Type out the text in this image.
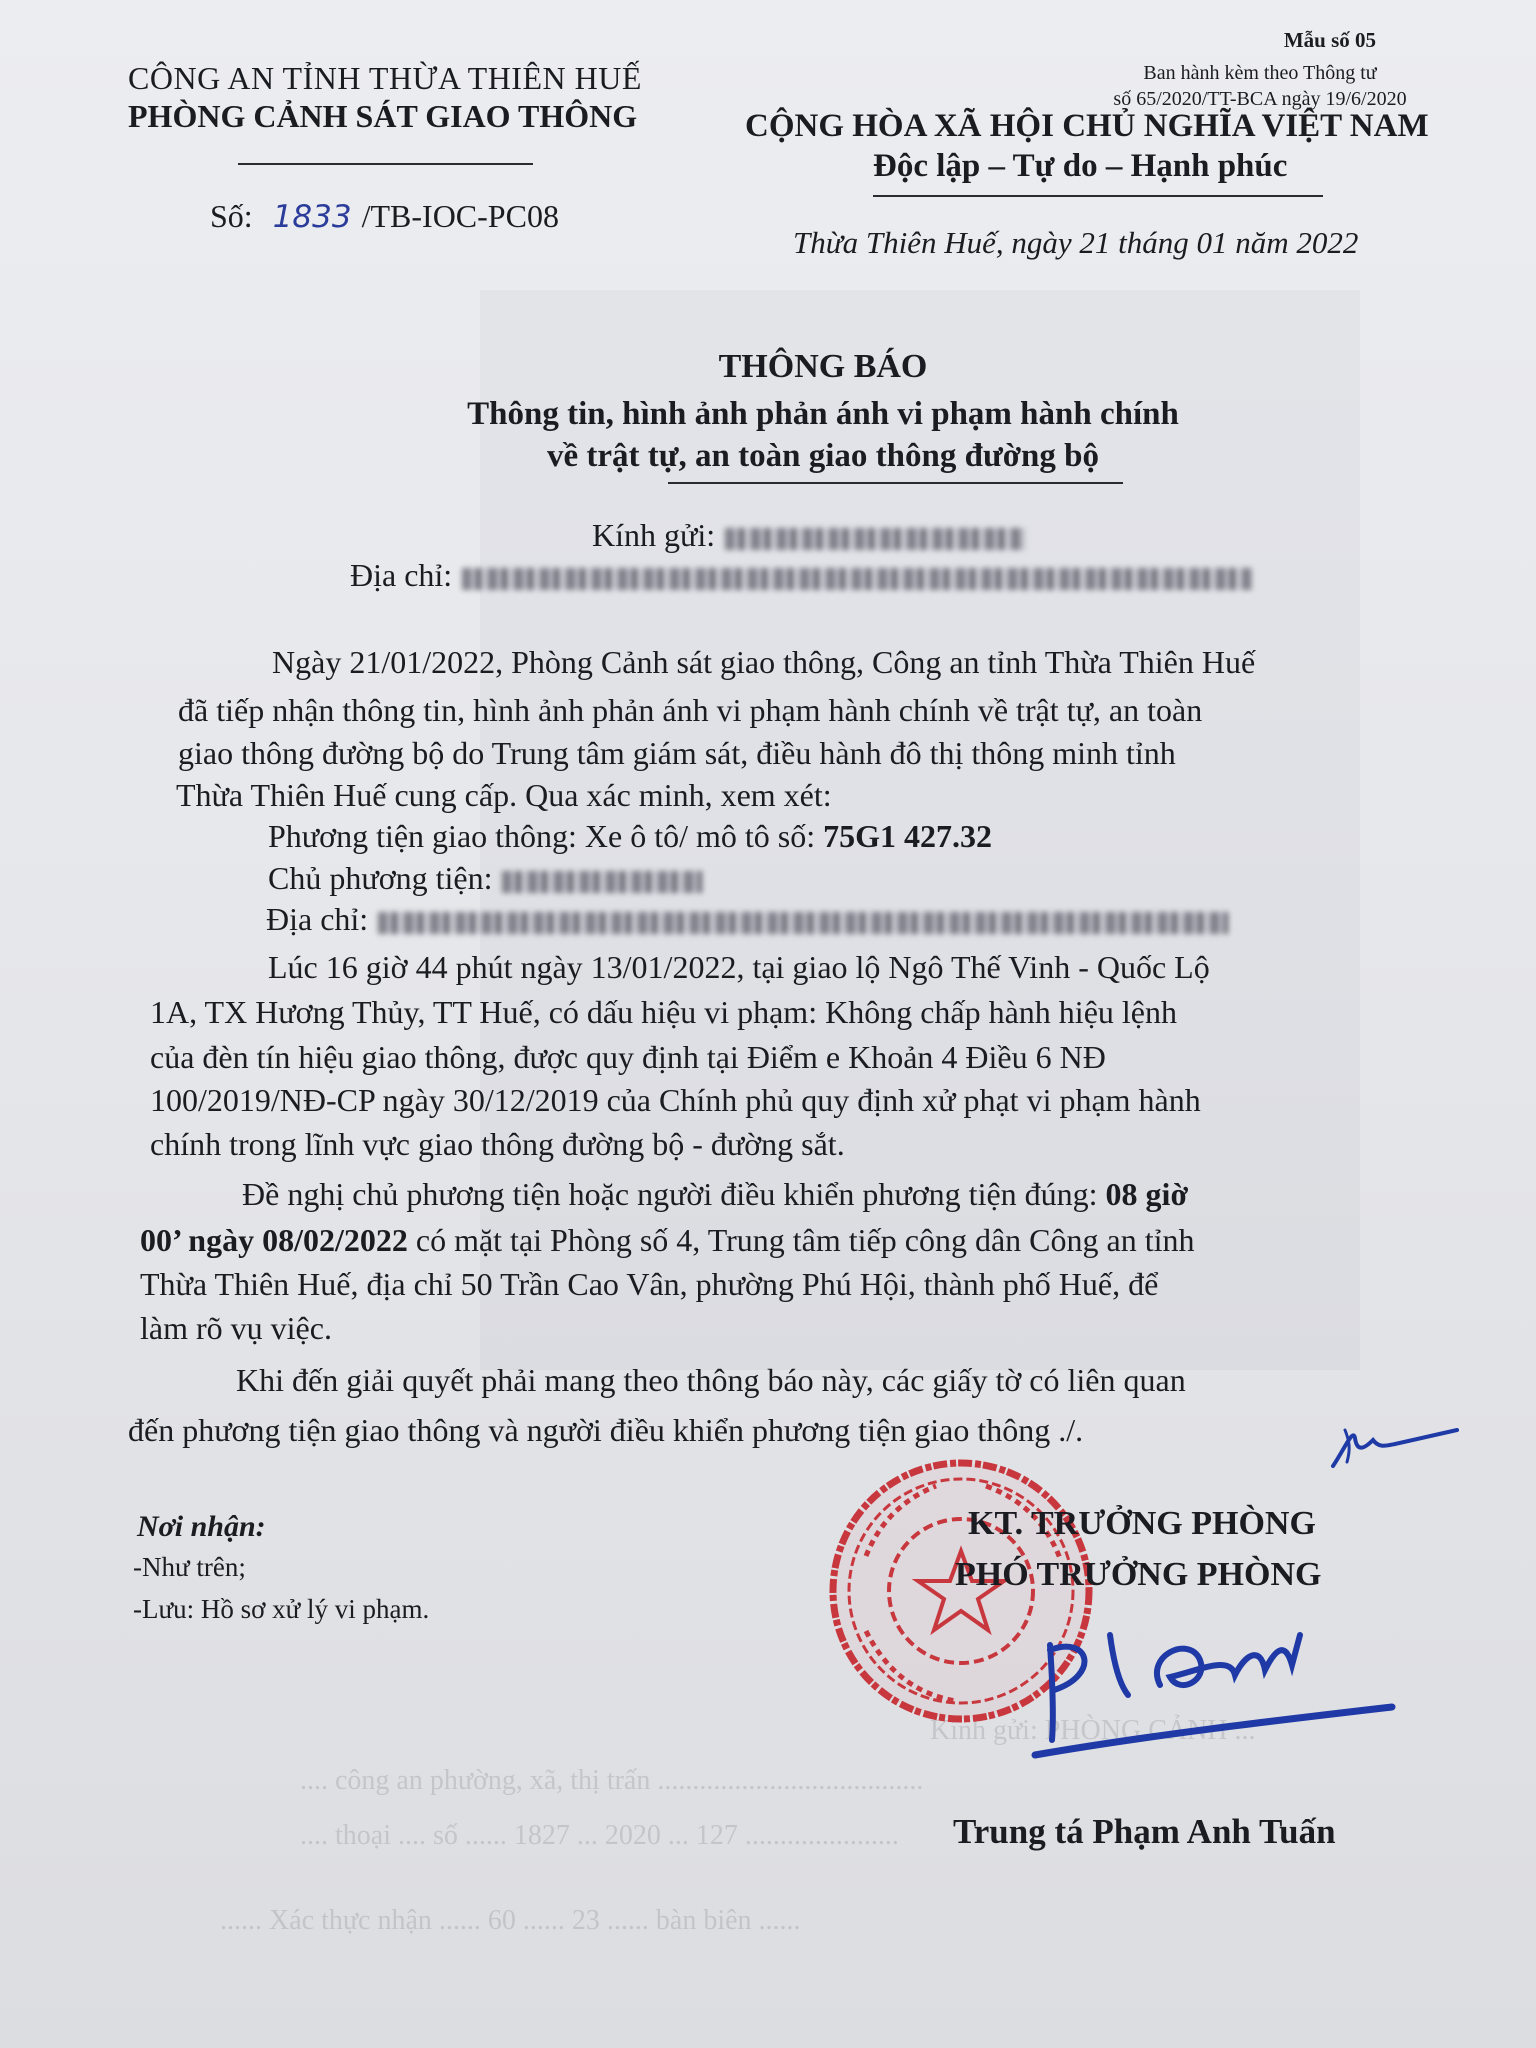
Kính gửi: PHÒNG CẢNH ...
.... công an phường, xã, thị trấn ......................................
.... thoại .... số ...... 1827 ... 2020 ... 127 ......................
...... Xác thực nhận ...... 60 ...... 23 ...... bàn biên ......
Mẫu số 05
Ban hành kèm theo Thông tư
số 65/2020/TT-BCA ngày 19/6/2020
CÔNG AN TỈNH THỪA THIÊN HUẾ
PHÒNG CẢNH SÁT GIAO THÔNG	CỘNG HÒA XÃ HỘI CHỦ NGHĨA VIỆT NAM
Độc lập – Tự do – Hạnh phúc
Số: 1833 /TB-IOC-PC08
Thừa Thiên Huế, ngày 21 tháng 01 năm 2022
THÔNG BÁO
Thông tin, hình ảnh phản ánh vi phạm hành chính
về trật tự, an toàn giao thông đường bộ
Kính gửi:
Địa chỉ:
Ngày 21/01/2022, Phòng Cảnh sát giao thông, Công an tỉnh Thừa Thiên Huế
đã tiếp nhận thông tin, hình ảnh phản ánh vi phạm hành chính về trật tự, an toàn
giao thông đường bộ do Trung tâm giám sát, điều hành đô thị thông minh tỉnh
Thừa Thiên Huế cung cấp. Qua xác minh, xem xét:
Phương tiện giao thông: Xe ô tô/ mô tô số: 75G1 427.32
Chủ phương tiện:
Địa chỉ:
Lúc 16 giờ 44 phút ngày 13/01/2022, tại giao lộ Ngô Thế Vinh - Quốc Lộ
1A, TX Hương Thủy, TT Huế, có dấu hiệu vi phạm: Không chấp hành hiệu lệnh
của đèn tín hiệu giao thông, được quy định tại Điểm e Khoản 4 Điều 6 NĐ
100/2019/NĐ-CP ngày 30/12/2019 của Chính phủ quy định xử phạt vi phạm hành
chính trong lĩnh vực giao thông đường bộ - đường sắt.
Đề nghị chủ phương tiện hoặc người điều khiển phương tiện đúng: 08 giờ
00’ ngày 08/02/2022 có mặt tại Phòng số 4, Trung tâm tiếp công dân Công an tỉnh
Thừa Thiên Huế, địa chỉ 50 Trần Cao Vân, phường Phú Hội, thành phố Huế, để
làm rõ vụ việc.
Khi đến giải quyết phải mang theo thông báo này, các giấy tờ có liên quan
đến phương tiện giao thông và người điều khiển phương tiện giao thông ./.
Nơi nhận:
-Như trên;
-Lưu: Hồ sơ xử lý vi phạm.
KT. TRƯỞNG PHÒNG
PHÓ TRƯỞNG PHÒNG
Trung tá Phạm Anh Tuấn
